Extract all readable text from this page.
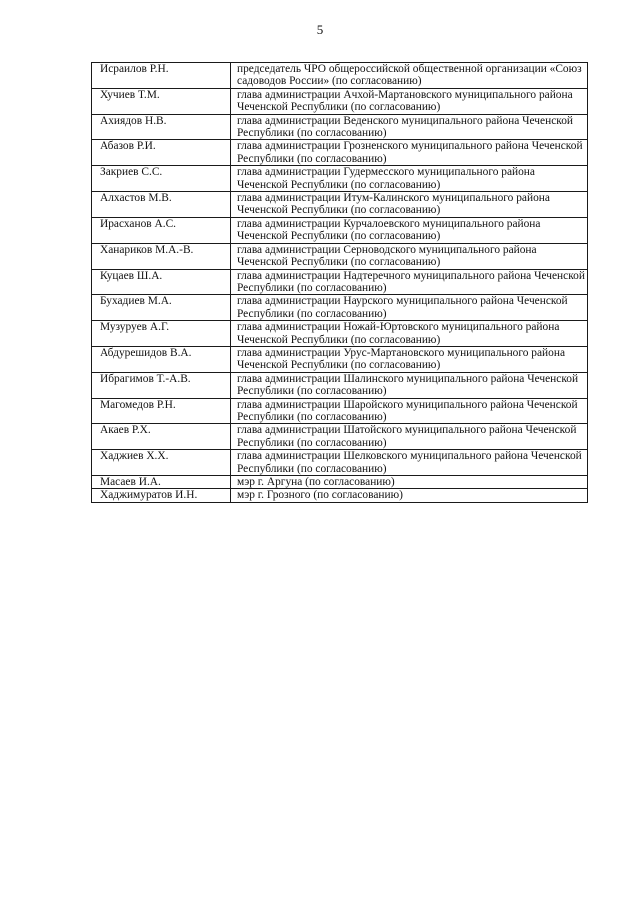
5
Исраилов Р.Н.	председатель ЧРО общероссийской общественной организации «Союз садоводов России» (по согласованию)
Хучиев Т.М.	глава администрации Ачхой-Мартановского муниципального района Чеченской Республики (по согласованию)
Ахиядов Н.В.	глава администрации Веденского муниципального района Чеченской Республики (по согласованию)
Абазов Р.И.	глава администрации Грозненского муниципального района Чеченской Республики (по согласованию)
Закриев С.С.	глава администрации Гудермесского муниципального района Чеченской Республики (по согласованию)
Алхастов М.В.	глава администрации Итум-Калинского муниципального района Чеченской Республики (по согласованию)
Ирасханов А.С.	глава администрации Курчалоевского муниципального района Чеченской Республики (по согласованию)
Ханариков М.А.-В.	глава администрации Серноводского муниципального района Чеченской Республики (по согласованию)
Куцаев Ш.А.	глава администрации Надтеречного муниципального района Чеченской Республики (по согласованию)
Бухадиев М.А.	глава администрации Наурского муниципального района Чеченской Республики (по согласованию)
Музуруев А.Г.	глава администрации Ножай-Юртовского муниципального района Чеченской Республики (по согласованию)
Абдурешидов В.А.	глава администрации Урус-Мартановского муниципального района Чеченской Республики (по согласованию)
Ибрагимов Т.-А.В.	глава администрации Шалинского муниципального района Чеченской Республики (по согласованию)
Магомедов Р.Н.	глава администрации Шаройского муниципального района Чеченской Республики (по согласованию)
Акаев Р.Х.	глава администрации Шатойского муниципального района Чеченской Республики (по согласованию)
Хаджиев Х.Х.	глава администрации Шелковского муниципального района Чеченской Республики (по согласованию)
Масаев И.А.	мэр г. Аргуна (по согласованию)
Хаджимуратов И.Н.	мэр г. Грозного (по согласованию)
